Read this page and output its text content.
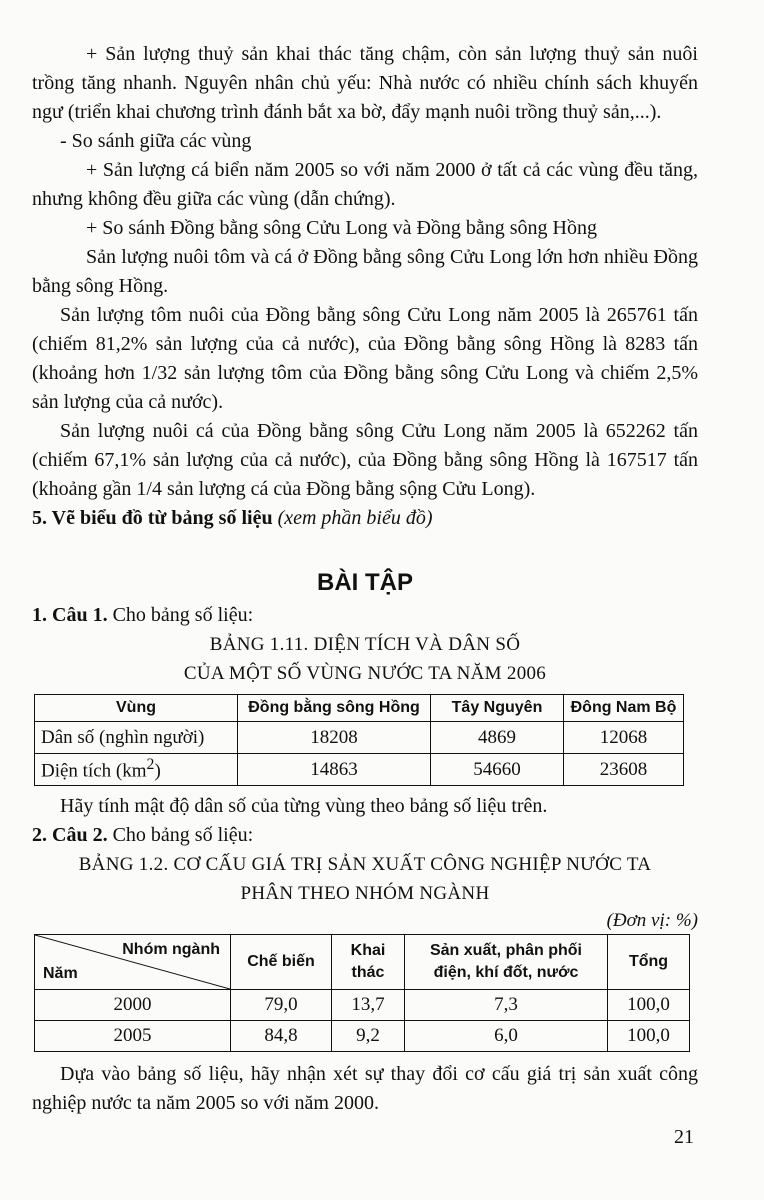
+ Sản lượng thuỷ sản khai thác tăng chậm, còn sản lượng thuỷ sản nuôi trồng tăng nhanh. Nguyên nhân chủ yếu: Nhà nước có nhiều chính sách khuyến ngư (triển khai chương trình đánh bắt xa bờ, đẩy mạnh nuôi trồng thuỷ sản,...).

- So sánh giữa các vùng

+ Sản lượng cá biển năm 2005 so với năm 2000 ở tất cả các vùng đều tăng, nhưng không đều giữa các vùng (dẫn chứng).

+ So sánh Đồng bằng sông Cửu Long và Đồng bằng sông Hồng

Sản lượng nuôi tôm và cá ở Đồng bằng sông Cửu Long lớn hơn nhiều Đồng bằng sông Hồng.

Sản lượng tôm nuôi của Đồng bằng sông Cửu Long năm 2005 là 265761 tấn (chiếm 81,2% sản lượng của cả nước), của Đồng bằng sông Hồng là 8283 tấn (khoảng hơn 1/32 sản lượng tôm của Đồng bằng sông Cửu Long và chiếm 2,5% sản lượng của cả nước).

Sản lượng nuôi cá của Đồng bằng sông Cửu Long năm 2005 là 652262 tấn (chiếm 67,1% sản lượng của cả nước), của Đồng bằng sông Hồng là 167517 tấn (khoảng gần 1/4 sản lượng cá của Đồng bằng sộng Cửu Long).

5. Vẽ biểu đồ từ bảng số liệu (xem phần biểu đồ)

BÀI TẬP

1. Câu 1. Cho bảng số liệu:

BẢNG 1.11. DIỆN TÍCH VÀ DÂN SỐ
CỦA MỘT SỐ VÙNG NƯỚC TA NĂM 2006
Vùng	Đồng bằng sông Hồng	Tây Nguyên	Đông Nam Bộ
Dân số (nghìn người)	18208	4869	12068
Diện tích $(km^2)$	14863	54660	23608

Hãy tính mật độ dân số của từng vùng theo bảng số liệu trên.

2. Câu 2. Cho bảng số liệu:

BẢNG 1.2. CƠ CẤU GIÁ TRỊ SẢN XUẤT CÔNG NGHIỆP NƯỚC TA
PHÂN THEO NHÓM NGÀNH
(Đơn vị: %)
Nhóm ngành
Năm	Chế biến	Khai thác	Sản xuất, phân phối điện, khí đốt, nước	Tổng
2000	79,0	13,7	7,3	100,0
2005	84,8	9,2	6,0	100,0

Dựa vào bảng số liệu, hãy nhận xét sự thay đổi cơ cấu giá trị sản xuất công nghiệp nước ta năm 2005 so với năm 2000.

21
